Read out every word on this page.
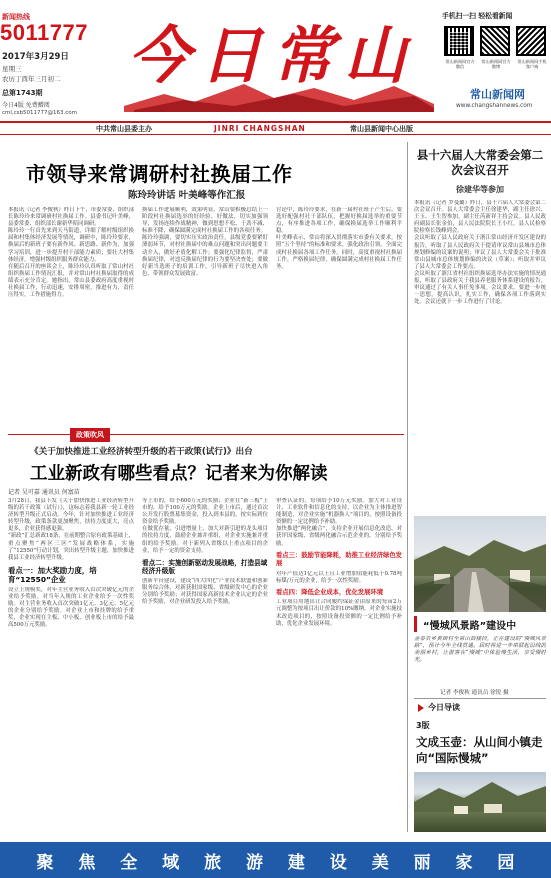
新闻热线
5011777
2017年3月29日
星期三
农历丁酉年三月初二
总第1743期
今日4版 免费赠阅
cml,csb5011777@163.com
今日常山
手机扫一扫 轻松看新闻
常山新闻网官方微信
常山新闻网官方微博
常山新闻网手机客户端
常山新闻网
www.changshannews.com
中共常山县委主办	JINRI CHANGSHAN	常山县新闻中心出版
市领导来常调研村社换届工作
陈玲玲讲话 叶美峰等作汇报
本报讯（记者 李俊秋）昨日下午，市委常委、组织部长陈玲玲来常调研村社换届工作。县委书记叶美峰，县委常委、组织部长谢新华陪同调研。
陈玲玲一行首先来到天马街道，详细了解村级组织换届和村集体经济发展等情况，调研中，陈玲玲要求，换届后的新班子要有新作风、新思路、新作为，加强学习培训，进一步提升村干部能力素质；要壮大村集体经济，增强村级组织服务群众能力。
在随后召开的座谈会上，陈玲玲认真听取了常山村社组织换届工作情况汇报，并对常山村社换届取得的成绩表示充分肯定。她指出，常山县委政府高度重视村社换届工作，行动迅速，安排周密，推进有力，责任压得实，工作措施得力。
换届工作进展顺利，效果明显。常山要积极总结上一阶段村社换届选举的好经验、好做法，切实加强领导，发扬连续作战精神，做到思想不松、干劲不减、标准不降，确保圆满完成村社换届工作的各项任务。
陈玲玲强调，要切实压实政治责任，县级党委要紧盯薄弱环节，对村社换届中的难点问题和突出问题要主动介入，做好矛盾化解工作；要强化纪律监督，严肃换届纪律，对违反换届纪律的行为要坚决查处；要做好新当选班子的培训工作，引导新班子尽快进入角色，带领群众发展致富。
讨论中，陈玲玲要求，在新一届村社班子产生后，要选好配强村社干部队伍，把握好换届选举的重要节点，有序推进各项工作，确保换届选举工作顺利平稳。
叶美峰表示，常山将深入贯彻落实市委有关要求，按照“五个坚持”的标准和要求，强化政治引领，全面完成村社换届各项工作任务。同时，高度重视村社换届工作，严格换届纪律，确保圆满完成村社换届工作任务。
县十六届人大常委会第二次会议召开
徐建华等参加
本报讯（记者 罗曼璐）昨日，县十六届人大常委会第二次会议召开。县人大常委会主任徐建华，副主任徐兴、王玉、王生智参加。副主任芮新祥主持会议。县人民政府副县长张金伯，县人民法院院长王小红，县人民检察院检察长钱峰到会。
会议听取了县人民政府关于浙江常山经济开发区建设的报告，听取了县人民政府关于提请审议常山县城市总体规划修编的议案的说明；审议了县人大常委会关于批准常山县城市总体规划修编的决议（草案）；听取并审议了县人大常委会工作要点。
会议听取了浙江省村社组织换届选举办法实施的情况通报，听取了县政府关于我县养老服务体系建设的报告，审议通过了有关人事任免事项。会议要求，要进一步统一思想，提高认识，扎实工作，确保各项工作落到实处。会议还就下一步工作进行了讨论。
政策吹风
《关于加快推进工业经济转型升级的若干政策(试行)》出台
工业新政有哪些看点？记者来为你解读
记者 吴可嘉 通讯员 何富苗
3月28日，我县下发《关于加快推进工业经济转型升级的若干政策（试行）》，这标志着我县新一轮工业经济转型升级正式启动。今年，针对加快推进工业经济转型升级，政策条款更加聚焦，扶持力度更大，亮点更多，企业获得感更强。
“新政”汇总新政18条，在前期整合原有政策基础上，重点聚焦“两区三区”发展战略体系，实施了“12550”行动计划，突出转型升级主题，加快推进我县工业经济转型升级。
看点一：加大奖励力度，培育“12550”企业
设立上规模奖，对年主营业务收入首次突破亿元的企业给予奖励。对当年入规的工业企业给予一次性奖励。对主营业务收入首次突破1亿元、3亿元、5亿元的企业分别给予奖励。对企业上市和挂牌的给予重奖，企业实现在主板、中小板、创业板上市的给予最高500万元奖励。
等上市的，给予600万元的奖励；企业在“新三板”上市的，给予100万元的奖励。企业上市后，通过首次公开发行股票募集资金，投入到本县的，按实际到位资金给予奖励。
在做优存量，引进增量上，加大对新引进的龙头项目的扶持力度，鼓励企业兼并重组，对企业实施兼并重组的给予奖励。对于新列入省级以上重点项目的企业，给予一定的资金支持。
看点二：实施创新驱动发展战略，打造县域经济升级版
创新平台建设，建设“四大四化”产业技术联盟和创新服务综合体，对新获批国家级、省级研发中心的企业分别给予奖励；对获得国家高新技术企业认定的企业给予奖励，对企业研发投入给予奖励。
审查认证的，每项给予10万元奖励。加大对工业设计、工业软件和信息化的支持，以企业为主体推进智能制造，对企业实施“机器换人”项目的，按照设备投资额的一定比例给予补助。
加快推进“两化融合”，支持企业开展信息化改造，对获评国家级、省级两化融合示范企业的，分别给予奖励。
看点三：鼓励节能降耗，助推工业经济绿色发展
对年产值达1亿元以上且工业增加值能耗低于0.78吨标煤/万元的企业，给予一次性奖励。
看点四：降低企业成本，优化发展环境
工业项目用地出让合同履约保证金由原来的每亩2万元调整为按项目出让价款的10%缴纳。对企业实施技术改造项目的，按照设备投资额的一定比例给予补助，优化企业发展环境。	“慢城风景路”建设中
金泰若乡黄茵村至常山鼓楼段，正在建设的“慢城风景路”，预计今年全线贯通。届时将进一步串联起沿线的美丽乡村，让游客在“慢城”中体验慢生活，享受慢时光。
记者 李俊秋 通讯员 徐锐 摄
今日导读
3版
文成玉壶：从山间小镇走向“国际慢城”
聚 焦 全 域 旅 游 建 设 美 丽 家 园
